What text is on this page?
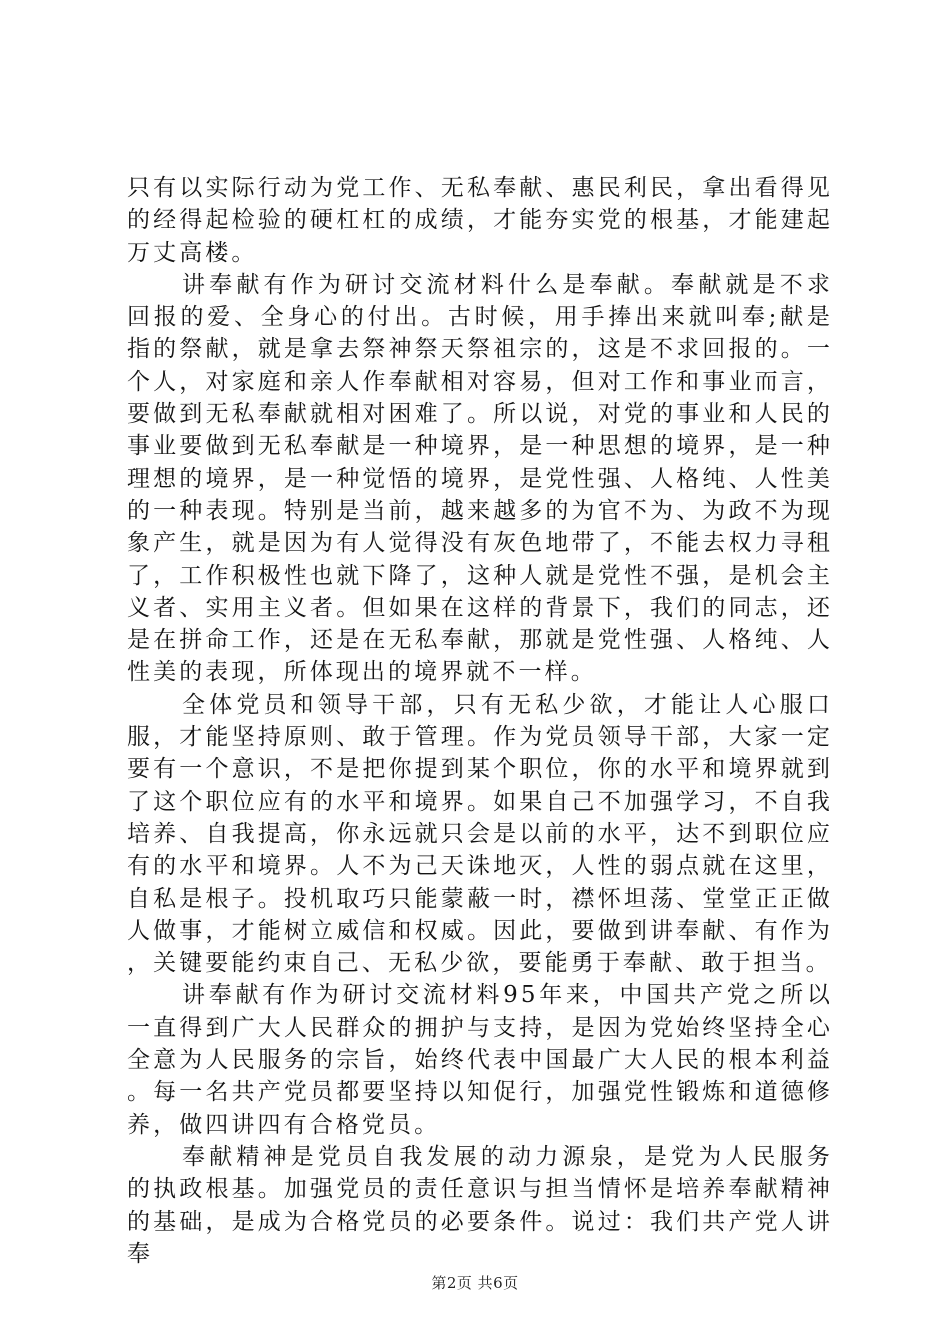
只有以实际行动为党工作、无私奉献、惠民利民，拿出看得见的经得起检验的硬杠杠的成绩，才能夯实党的根基，才能建起万丈高楼。

讲奉献有作为研讨交流材料什么是奉献。奉献就是不求回报的爱、全身心的付出。古时候，用手捧出来就叫奉;献是指的祭献，就是拿去祭神祭天祭祖宗的，这是不求回报的。一个人，对家庭和亲人作奉献相对容易，但对工作和事业而言，要做到无私奉献就相对困难了。所以说，对党的事业和人民的事业要做到无私奉献是一种境界，是一种思想的境界，是一种理想的境界，是一种觉悟的境界，是党性强、人格纯、人性美的一种表现。特别是当前，越来越多的为官不为、为政不为现象产生，就是因为有人觉得没有灰色地带了，不能去权力寻租了，工作积极性也就下降了，这种人就是党性不强，是机会主义者、实用主义者。但如果在这样的背景下，我们的同志，还是在拼命工作，还是在无私奉献，那就是党性强、人格纯、人性美的表现，所体现出的境界就不一样。

全体党员和领导干部，只有无私少欲，才能让人心服口服，才能坚持原则、敢于管理。作为党员领导干部，大家一定要有一个意识，不是把你提到某个职位，你的水平和境界就到了这个职位应有的水平和境界。如果自己不加强学习，不自我培养、自我提高，你永远就只会是以前的水平，达不到职位应有的水平和境界。人不为己天诛地灭，人性的弱点就在这里，自私是根子。投机取巧只能蒙蔽一时，襟怀坦荡、堂堂正正做人做事，才能树立威信和权威。因此，要做到讲奉献、有作为，关键要能约束自己、无私少欲，要能勇于奉献、敢于担当。

讲奉献有作为研讨交流材料95年来，中国共产党之所以一直得到广大人民群众的拥护与支持，是因为党始终坚持全心全意为人民服务的宗旨，始终代表中国最广大人民的根本利益。每一名共产党员都要坚持以知促行，加强党性锻炼和道德修养，做四讲四有合格党员。

奉献精神是党员自我发展的动力源泉，是党为人民服务的执政根基。加强党员的责任意识与担当情怀是培养奉献精神的基础，是成为合格党员的必要条件。说过：我们共产党人讲奉

第2页 共6页
